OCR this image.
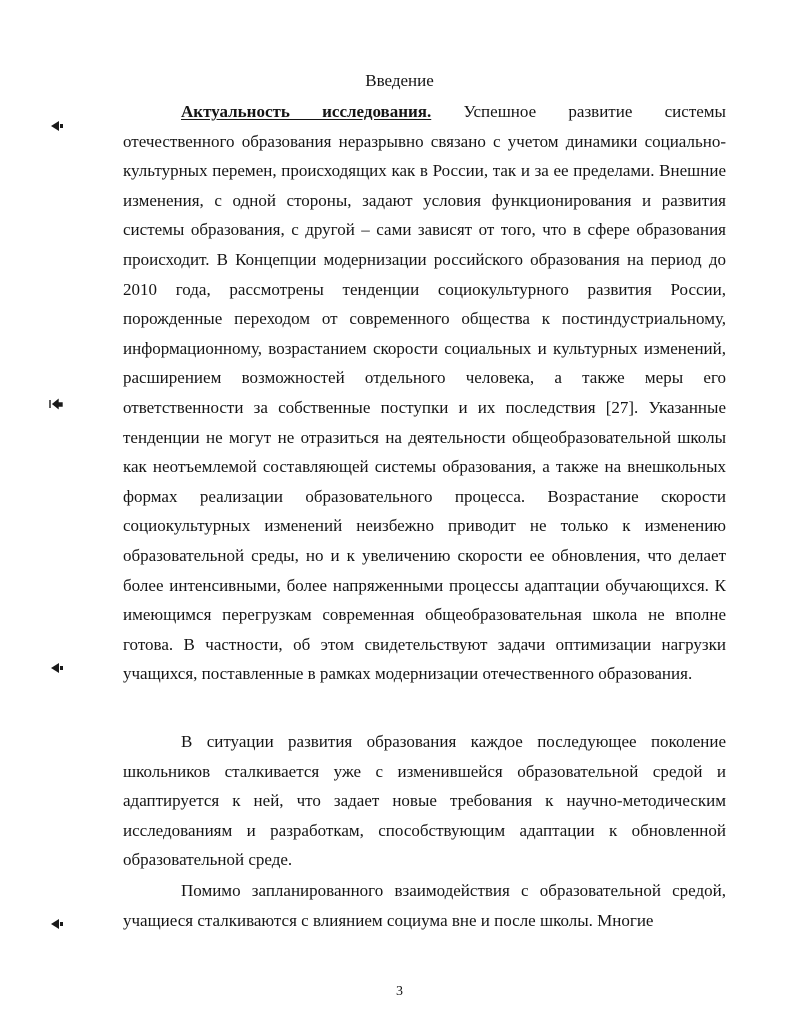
Введение
Актуальность исследования. Успешное развитие системы отечественного образования неразрывно связано с учетом динамики социально-культурных перемен, происходящих как в России, так и за ее пределами. Внешние изменения, с одной стороны, задают условия функционирования и развития системы образования, с другой – сами зависят от того, что в сфере образования происходит. В Концепции модернизации российского образования на период до 2010 года, рассмотрены тенденции социокультурного развития России, порожденные переходом от современного общества к постиндустриальному, информационному, возрастанием скорости социальных и культурных изменений, расширением возможностей отдельного человека, а также меры его ответственности за собственные поступки и их последствия [27]. Указанные тенденции не могут не отразиться на деятельности общеобразовательной школы как неотъемлемой составляющей системы образования, а также на внешкольных формах реализации образовательного процесса. Возрастание скорости социокультурных изменений неизбежно приводит не только к изменению образовательной среды, но и к увеличению скорости ее обновления, что делает более интенсивными, более напряженными процессы адаптации обучающихся. К имеющимся перегрузкам современная общеобразовательная школа не вполне готова. В частности, об этом свидетельствуют задачи оптимизации нагрузки учащихся, поставленные в рамках модернизации отечественного образования.
В ситуации развития образования каждое последующее поколение школьников сталкивается уже с изменившейся образовательной средой и адаптируется к ней, что задает новые требования к научно-методическим исследованиям и разработкам, способствующим адаптации к обновленной образовательной среде.
Помимо запланированного взаимодействия с образовательной средой, учащиеся сталкиваются с влиянием социума вне и после школы. Многие
3
